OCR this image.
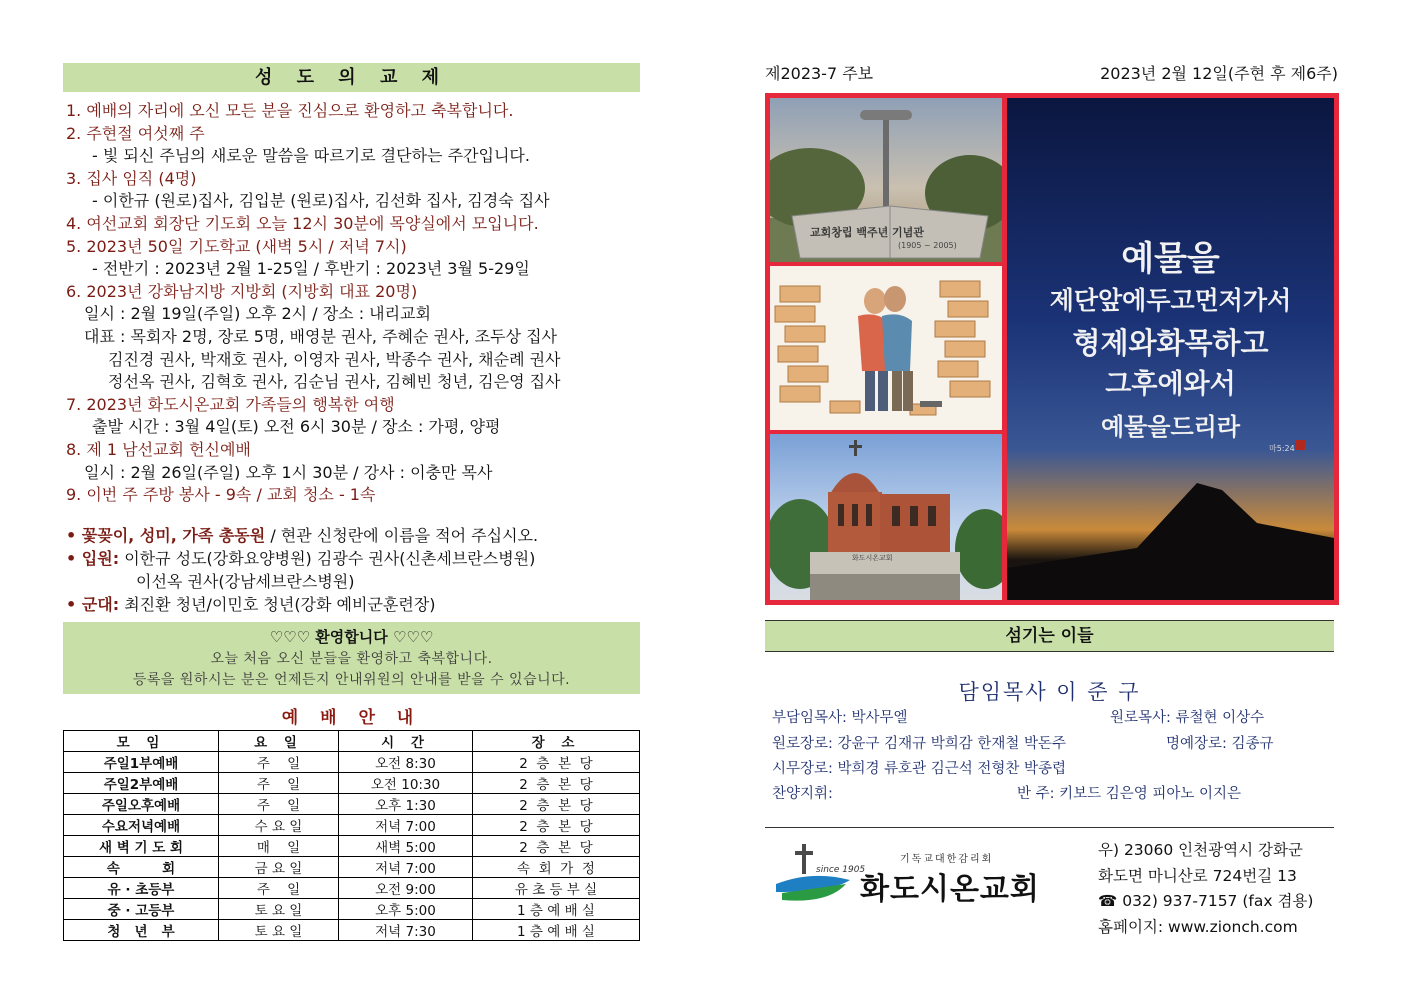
성 도 의 교 제
1. 예배의 자리에 오신 모든 분을 진심으로 환영하고 축복합니다.
2. 주현절 여섯째 주
- 빛 되신 주님의 새로운 말씀을 따르기로 결단하는 주간입니다.
3. 집사 임직 (4명)
- 이한규 (원로)집사, 김입분 (원로)집사, 김선화 집사, 김경숙 집사
4. 여선교회 회장단 기도회 오늘 12시 30분에 목양실에서 모입니다.
5. 2023년 50일 기도학교 (새벽 5시 / 저녁 7시)
- 전반기 : 2023년 2월 1-25일 / 후반기 : 2023년 3월 5-29일
6. 2023년 강화남지방 지방회 (지방회 대표 20명)
일시 : 2월 19일(주일) 오후 2시 / 장소 : 내리교회
대표 : 목회자 2명, 장로 5명, 배영분 권사, 주혜순 권사, 조두상 집사
김진경 권사, 박재호 권사, 이영자 권사, 박종수 권사, 채순례 권사
정선옥 권사, 김혁호 권사, 김순님 권사, 김혜빈 청년, 김은영 집사
7. 2023년 화도시온교회 가족들의 행복한 여행
출발 시간 : 3월 4일(토) 오전 6시 30분 / 장소 : 가평, 양평
8. 제 1 남선교회 헌신예배
일시 : 2월 26일(주일) 오후 1시 30분 / 강사 : 이충만 목사
9. 이번 주 주방 봉사 - 9속 / 교회 청소 - 1속
• 꽃꽂이, 성미, 가족 총동원 / 현관 신청란에 이름을 적어 주십시오.
• 입원: 이한규 성도(강화요양병원) 김광수 권사(신촌세브란스병원)
이선옥 권사(강남세브란스병원)
• 군대: 최진환 청년/이민호 청년(강화 예비군훈련장)
♡♡♡ 환영합니다 ♡♡♡
오늘 처음 오신 분들을 환영하고 축복합니다.
등록을 원하시는 분은 언제든지 안내위원의 안내를 받을 수 있습니다.
예 배 안 내
모 임	요 일	시 간	장 소
주일1부예배	주    일	오전 8:30	2  층  본  당
주일2부예배	주    일	오전 10:30	2  층  본  당
주일오후예배	주    일	오후 1:30	2  층  본  당
수요저녁예배	수 요 일	저녁 7:00	2  층  본  당
새 벽 기 도 회	매    일	새벽 5:00	2  층  본  당
속         회	금 요 일	저녁 7:00	속  회  가  정
유 · 초등부	주    일	오전 9:00	유 초 등 부 실
중 · 고등부	토 요 일	오후 5:00	1 층 예 배 실
청   년   부	토 요 일	저녁 7:30	1 층 예 배 실
제2023-7 주보	2023년 2월 12일(주현 후 제6주)
교회창립 백주년 기념관
(1905 ~ 2005)
화도시온교회
예물을
제단앞에두고먼저가서
형제와화목하고
그후에와서
예물을드리라
마5:24
섬기는 이들
담임목사 이 준 구
부담임목사: 박사무엘	원로목사: 류철현 이상수
원로장로: 강윤구 김재규 박희감 한재철 박돈주	명예장로: 김종규
시무장로: 박희경 류호관 김근석 전형찬 박종렵
찬양지휘:	반 주: 키보드 김은영 피아노 이지은
since 1905
기독교대한감리회
화도시온교회
우) 23060 인천광역시 강화군
화도면 마니산로 724번길 13
☎ 032) 937-7157 (fax 겸용)
홈페이지: www.zionch.com
